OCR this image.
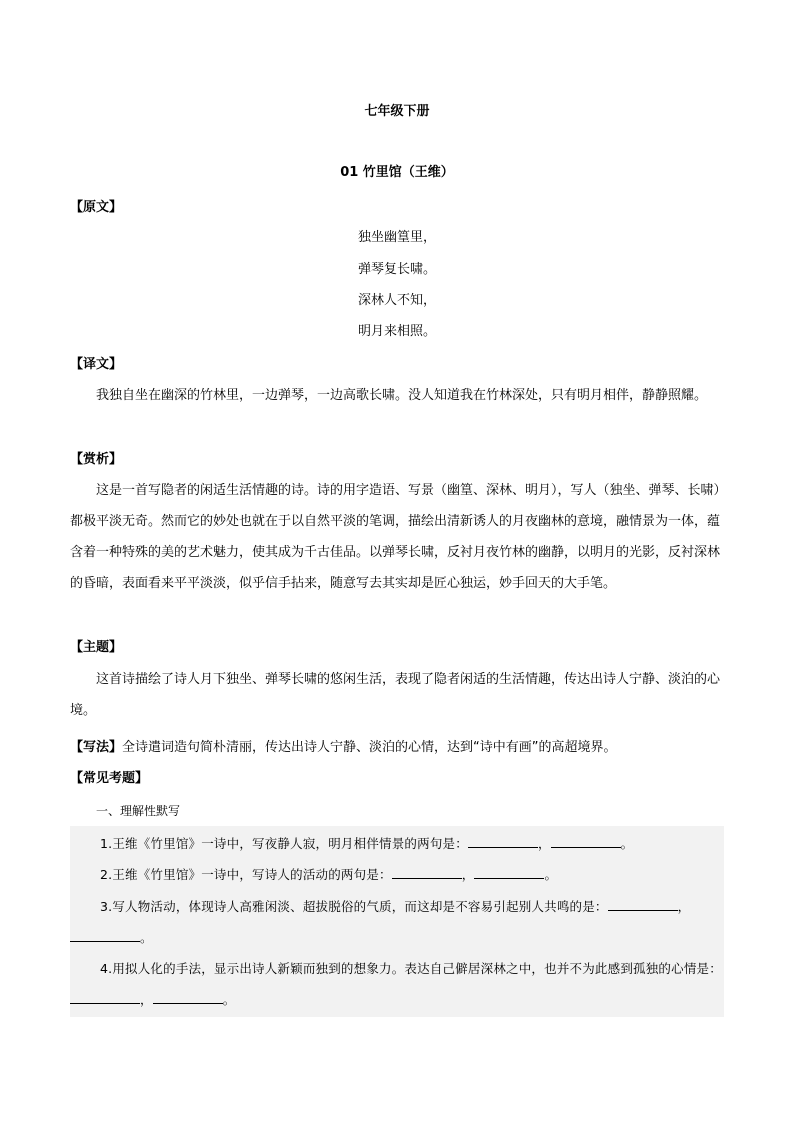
七年级下册
01 竹里馆（王维）
【原文】
独坐幽篁里，
弹琴复长啸。
深林人不知，
明月来相照。
【译文】

我独自坐在幽深的竹林里，一边弹琴，一边高歌长啸。没人知道我在竹林深处，只有明月相伴，静静照耀。

【赏析】

这是一首写隐者的闲适生活情趣的诗。诗的用字造语、写景（幽篁、深林、明月），写人（独坐、弹琴、长啸）都极平淡无奇。然而它的妙处也就在于以自然平淡的笔调，描绘出清新诱人的月夜幽林的意境，融情景为一体，蕴含着一种特殊的美的艺术魅力，使其成为千古佳品。以弹琴长啸，反衬月夜竹林的幽静，以明月的光影，反衬深林的昏暗，表面看来平平淡淡，似乎信手拈来，随意写去其实却是匠心独运，妙手回天的大手笔。

【主题】

这首诗描绘了诗人月下独坐、弹琴长啸的悠闲生活，表现了隐者闲适的生活情趣，传达出诗人宁静、淡泊的心境。

【写法】全诗遣词造句简朴清丽，传达出诗人宁静、淡泊的心情，达到“诗中有画”的高超境界。
【常见考题】
一、理解性默写
1.王维《竹里馆》一诗中，写夜静人寂，明月相伴情景的两句是：	，	。
2.王维《竹里馆》一诗中，写诗人的活动的两句是：	，	。
3.写人物活动，体现诗人高雅闲淡、超拔脱俗的气质，而这却是不容易引起别人共鸣的是：	，。
4.用拟人化的手法，显示出诗人新颖而独到的想象力。表达自己僻居深林之中，也并不为此感到孤独的心情是：，	。
